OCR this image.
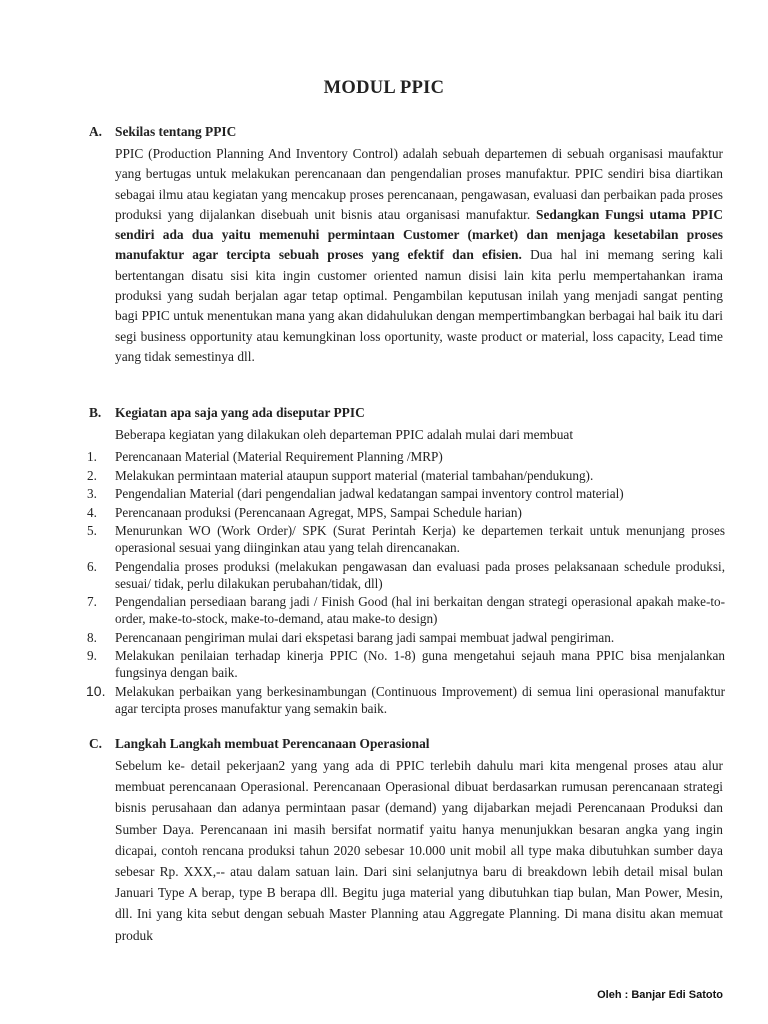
MODUL PPIC
A. Sekilas tentang PPIC
PPIC (Production Planning And Inventory Control) adalah sebuah departemen di sebuah organisasi maufaktur yang bertugas untuk melakukan perencanaan dan pengendalian proses manufaktur. PPIC sendiri bisa diartikan sebagai ilmu atau kegiatan yang mencakup proses perencanaan, pengawasan, evaluasi dan perbaikan pada proses produksi yang dijalankan disebuah unit bisnis atau organisasi manufaktur. Sedangkan Fungsi utama PPIC sendiri ada dua yaitu memenuhi permintaan Customer (market) dan menjaga kesetabilan proses manufaktur agar tercipta sebuah proses yang efektif dan efisien. Dua hal ini memang sering kali bertentangan disatu sisi kita ingin customer oriented namun disisi lain kita perlu mempertahankan irama produksi yang sudah berjalan agar tetap optimal. Pengambilan keputusan inilah yang menjadi sangat penting bagi PPIC untuk menentukan mana yang akan didahulukan dengan mempertimbangkan berbagai hal baik itu dari segi business opportunity atau kemungkinan loss oportunity, waste product or material, loss capacity, Lead time yang tidak semestinya dll.
B. Kegiatan apa saja yang ada diseputar PPIC
Beberapa kegiatan yang dilakukan oleh departeman PPIC adalah mulai dari membuat
1. Perencanaan Material (Material Requirement Planning /MRP)
2. Melakukan permintaan material ataupun support material (material tambahan/pendukung).
3. Pengendalian Material (dari pengendalian jadwal kedatangan sampai inventory control material)
4. Perencanaan produksi (Perencanaan Agregat, MPS, Sampai Schedule harian)
5. Menurunkan WO (Work Order)/ SPK (Surat Perintah Kerja) ke departemen terkait untuk menunjang proses operasional sesuai yang diinginkan atau yang telah direncanakan.
6. Pengendalia proses produksi (melakukan pengawasan dan evaluasi pada proses pelaksanaan schedule produksi, sesuai/ tidak, perlu dilakukan perubahan/tidak, dll)
7. Pengendalian persediaan barang jadi / Finish Good (hal ini berkaitan dengan strategi operasional apakah make-to-order, make-to-stock, make-to-demand, atau make-to design)
8. Perencanaan pengiriman mulai dari ekspetasi barang jadi sampai membuat jadwal pengiriman.
9. Melakukan penilaian terhadap kinerja PPIC (No. 1-8) guna mengetahui sejauh mana PPIC bisa menjalankan fungsinya dengan baik.
10. Melakukan perbaikan yang berkesinambungan (Continuous Improvement) di semua lini operasional manufaktur agar tercipta proses manufaktur yang semakin baik.
C. Langkah Langkah membuat Perencanaan Operasional
Sebelum ke- detail pekerjaan2 yang yang ada di PPIC terlebih dahulu mari kita mengenal proses atau alur membuat perencanaan Operasional. Perencanaan Operasional dibuat berdasarkan rumusan perencanaan strategi bisnis perusahaan dan adanya permintaan pasar (demand) yang dijabarkan mejadi Perencanaan Produksi dan Sumber Daya. Perencanaan ini masih bersifat normatif yaitu hanya menunjukkan besaran angka yang ingin dicapai, contoh rencana produksi tahun 2020 sebesar 10.000 unit mobil all type maka dibutuhkan sumber daya sebesar Rp. XXX,-- atau dalam satuan lain. Dari sini selanjutnya baru di breakdown lebih detail misal bulan Januari Type A berap, type B berapa dll. Begitu juga material yang dibutuhkan tiap bulan, Man Power, Mesin, dll. Ini yang kita sebut dengan sebuah Master Planning atau Aggregate Planning. Di mana disitu akan memuat produk
Oleh : Banjar Edi Satoto
